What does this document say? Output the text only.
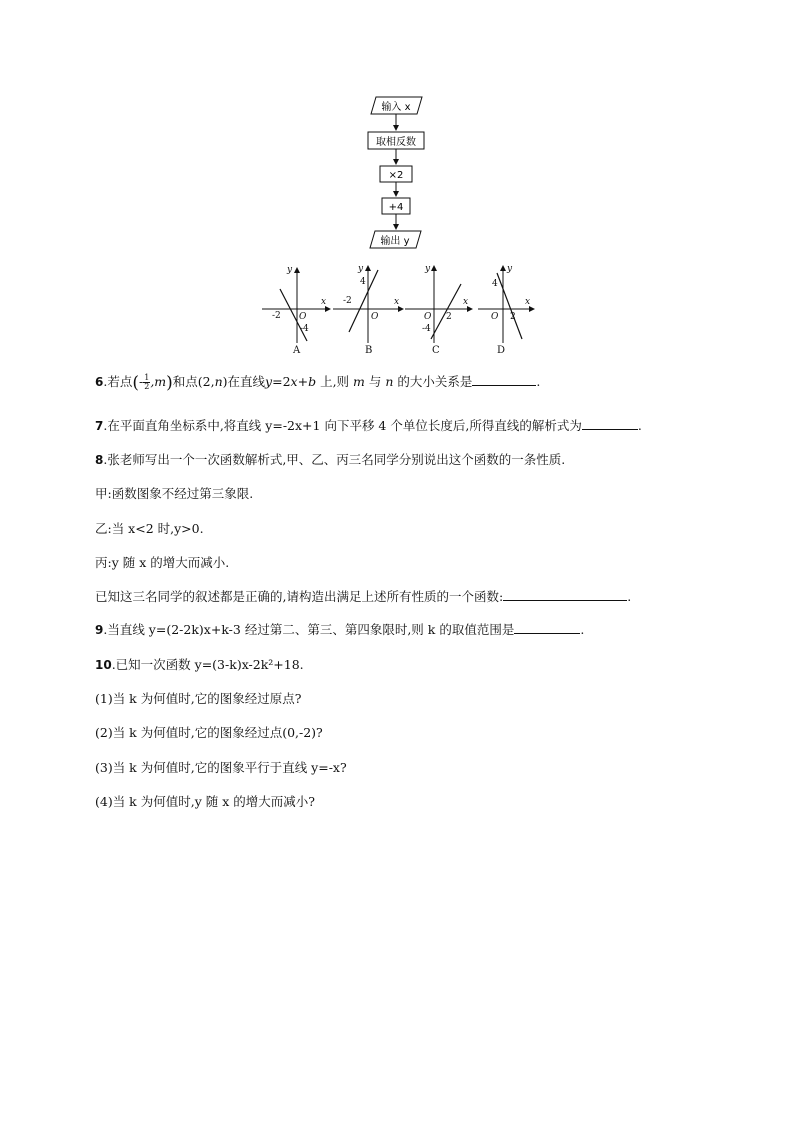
输入 x
取相反数
×2
+4
输出 y
x
y
O
-2
-4
A
x
y
O
4
-2
B
x
y
O 2
-4
C
x
y
O
4
2
D
6.若点(- $\frac{1}{2} ,m$)和点(2,n)在直线y=2x+b 上,则 m 与 n 的大小关系是	.
7.在平面直角坐标系中,将直线 y=-2x+1 向下平移 4 个单位长度后,所得直线的解析式为	.
8.张老师写出一个一次函数解析式,甲、乙、丙三名同学分别说出这个函数的一条性质.
甲:函数图象不经过第三象限.
乙:当 x<2 时,y>0.
丙:y 随 x 的增大而减小.
已知这三名同学的叙述都是正确的,请构造出满足上述所有性质的一个函数:	.
9.当直线 y=(2-2k)x+k-3 经过第二、第三、第四象限时,则 k 的取值范围是	.
10.已知一次函数 y=(3-k)x-2k²+18.
(1)当 k 为何值时,它的图象经过原点?
(2)当 k 为何值时,它的图象经过点(0,-2)?
(3)当 k 为何值时,它的图象平行于直线 y=-x?
(4)当 k 为何值时,y 随 x 的增大而减小?
